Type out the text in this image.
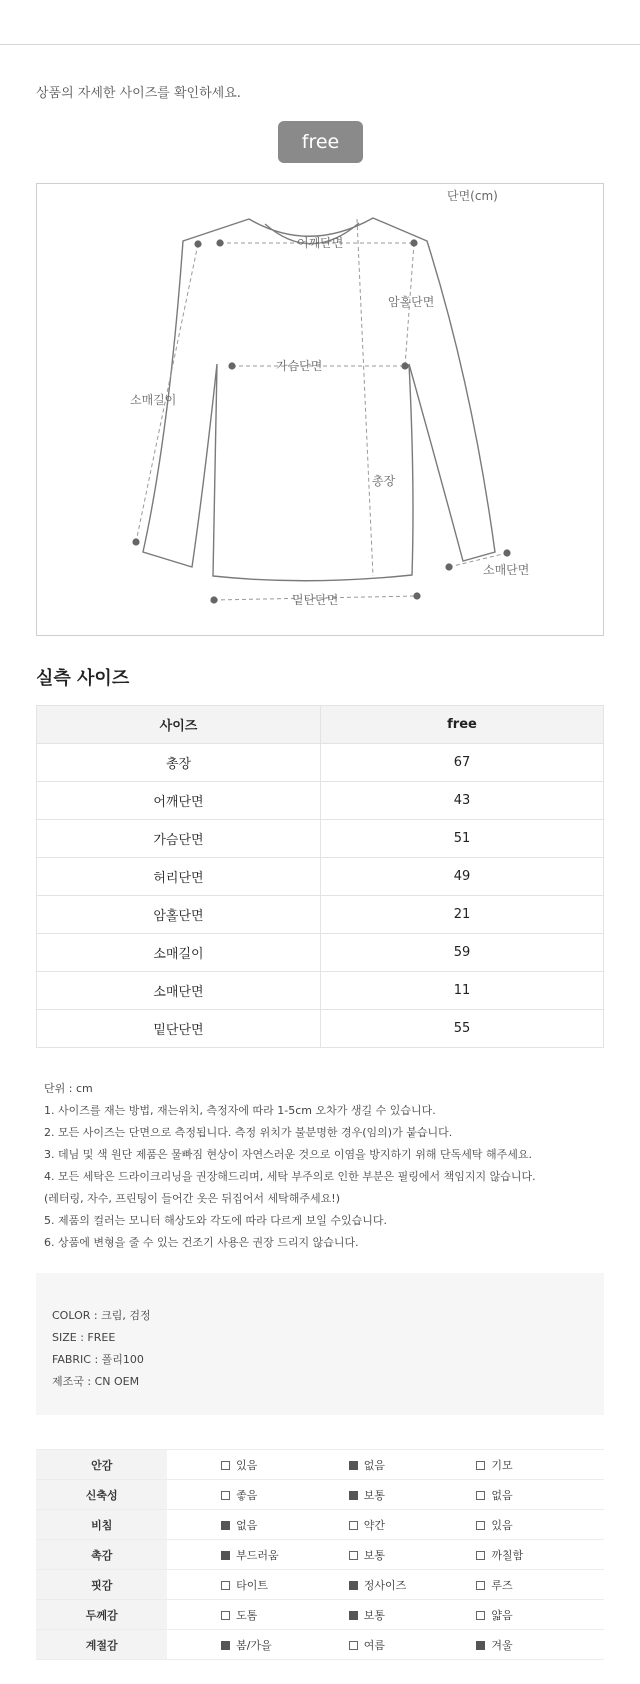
상품의 자세한 사이즈를 확인하세요.
free
단면(cm)
어깨단면
암홀단면
가슴단면
소매길이
총장
소매단면
밑단단면
실측 사이즈
사이즈	free
총장	67
어깨단면	43
가슴단면	51
허리단면	49
암홀단면	21
소매길이	59
소매단면	11
밑단단면	55
단위 : cm
1. 사이즈를 재는 방법, 재는위치, 측정자에 따라 1-5cm 오차가 생길 수 있습니다.
2. 모든 사이즈는 단면으로 측정됩니다. 측정 위치가 불분명한 경우(임의)가 붙습니다.
3. 데님 및 색 원단 제품은 물빠짐 현상이 자연스러운 것으로 이염을 방지하기 위해 단독세탁 해주세요.
4. 모든 세탁은 드라이크리닝을 권장해드리며, 세탁 부주의로 인한 부분은 필링에서 책임지지 않습니다.
(레터링, 자수, 프린팅이 들어간 옷은 뒤집어서 세탁해주세요!)
5. 제품의 컬러는 모니터 해상도와 각도에 따라 다르게 보일 수있습니다.
6. 상품에 변형을 줄 수 있는 건조기 사용은 권장 드리지 않습니다.
COLOR : 크림, 검정
SIZE : FREE
FABRIC : 폴리100
제조국 : CN OEM
안감		있음	없음	기모
신축성		좋음	보통	없음
비침		없음	약간	있음
촉감		부드러움	보통	까칠함
핏감		타이트	정사이즈	루즈
두께감		도톰	보통	얇음
계절감		봄/가을	여름	겨울
